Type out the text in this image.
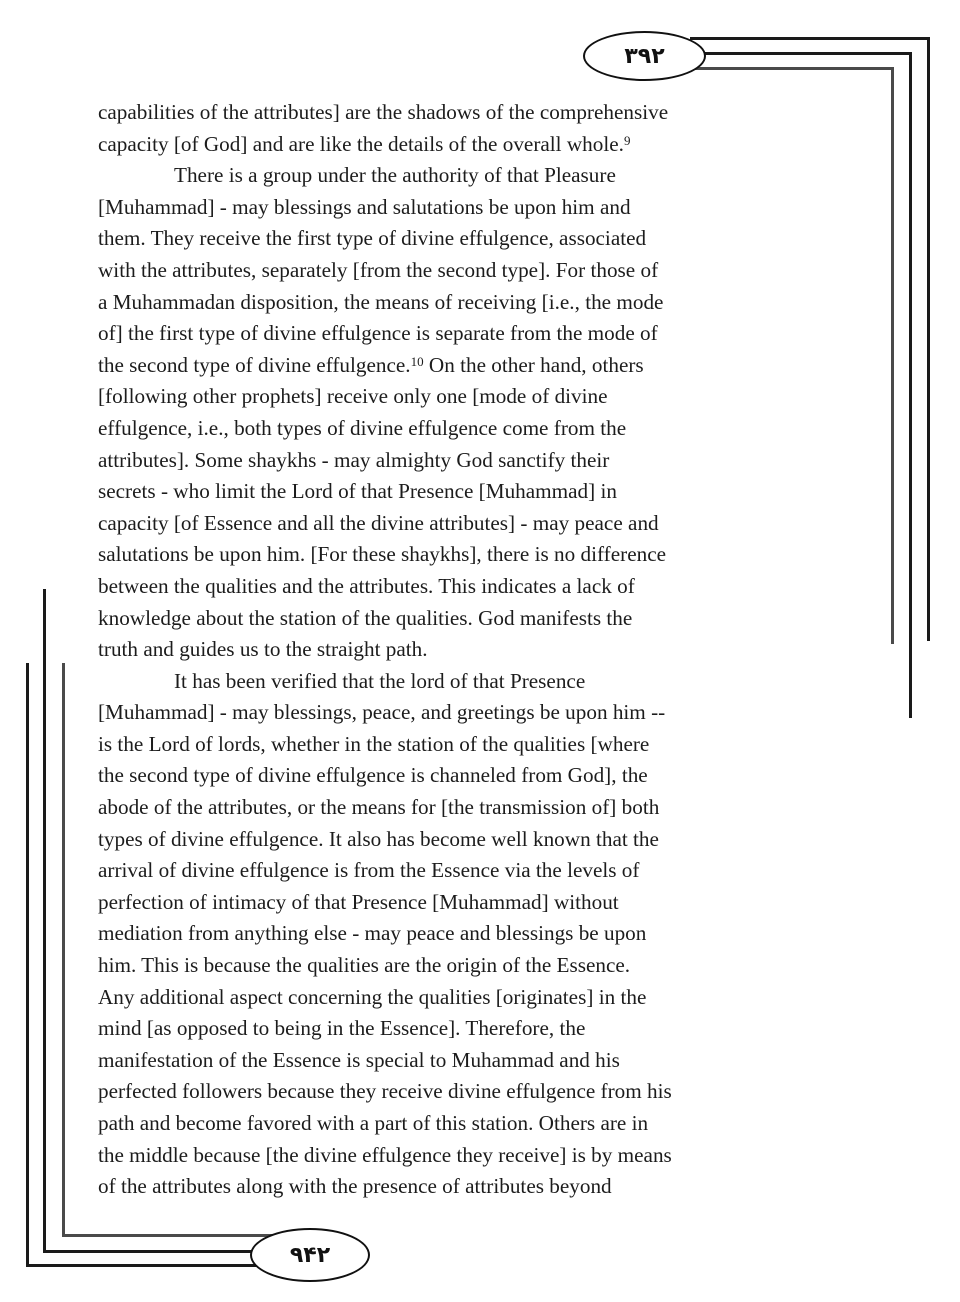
۳۹۲
۹۴۲
capabilities of the attributes] are the shadows of the comprehensive
capacity [of God] and are like the details of the overall whole.$^9$
There is a group under the authority of that Pleasure
[Muhammad] - may blessings and salutations be upon him and
them. They receive the first type of divine effulgence, associated
with the attributes, separately [from the second type]. For those of
a Muhammadan disposition, the means of receiving [i.e., the mode
of] the first type of divine effulgence is separate from the mode of
the second type of divine effulgence.$^{10}$ On the other hand, others
[following other prophets] receive only one [mode of divine
effulgence, i.e., both types of divine effulgence come from the
attributes]. Some shaykhs - may almighty God sanctify their
secrets - who limit the Lord of that Presence [Muhammad] in
capacity [of Essence and all the divine attributes] - may peace and
salutations be upon him. [For these shaykhs], there is no difference
between the qualities and the attributes. This indicates a lack of
knowledge about the station of the qualities. God manifests the
truth and guides us to the straight path.
It has been verified that the lord of that Presence
[Muhammad] - may blessings, peace, and greetings be upon him --
is the Lord of lords, whether in the station of the qualities [where
the second type of divine effulgence is channeled from God], the
abode of the attributes, or the means for [the transmission of] both
types of divine effulgence. It also has become well known that the
arrival of divine effulgence is from the Essence via the levels of
perfection of intimacy of that Presence [Muhammad] without
mediation from anything else - may peace and blessings be upon
him. This is because the qualities are the origin of the Essence.
Any additional aspect concerning the qualities [originates] in the
mind [as opposed to being in the Essence]. Therefore, the
manifestation of the Essence is special to Muhammad and his
perfected followers because they receive divine effulgence from his
path and become favored with a part of this station. Others are in
the middle because [the divine effulgence they receive] is by means
of the attributes along with the presence of attributes beyond
